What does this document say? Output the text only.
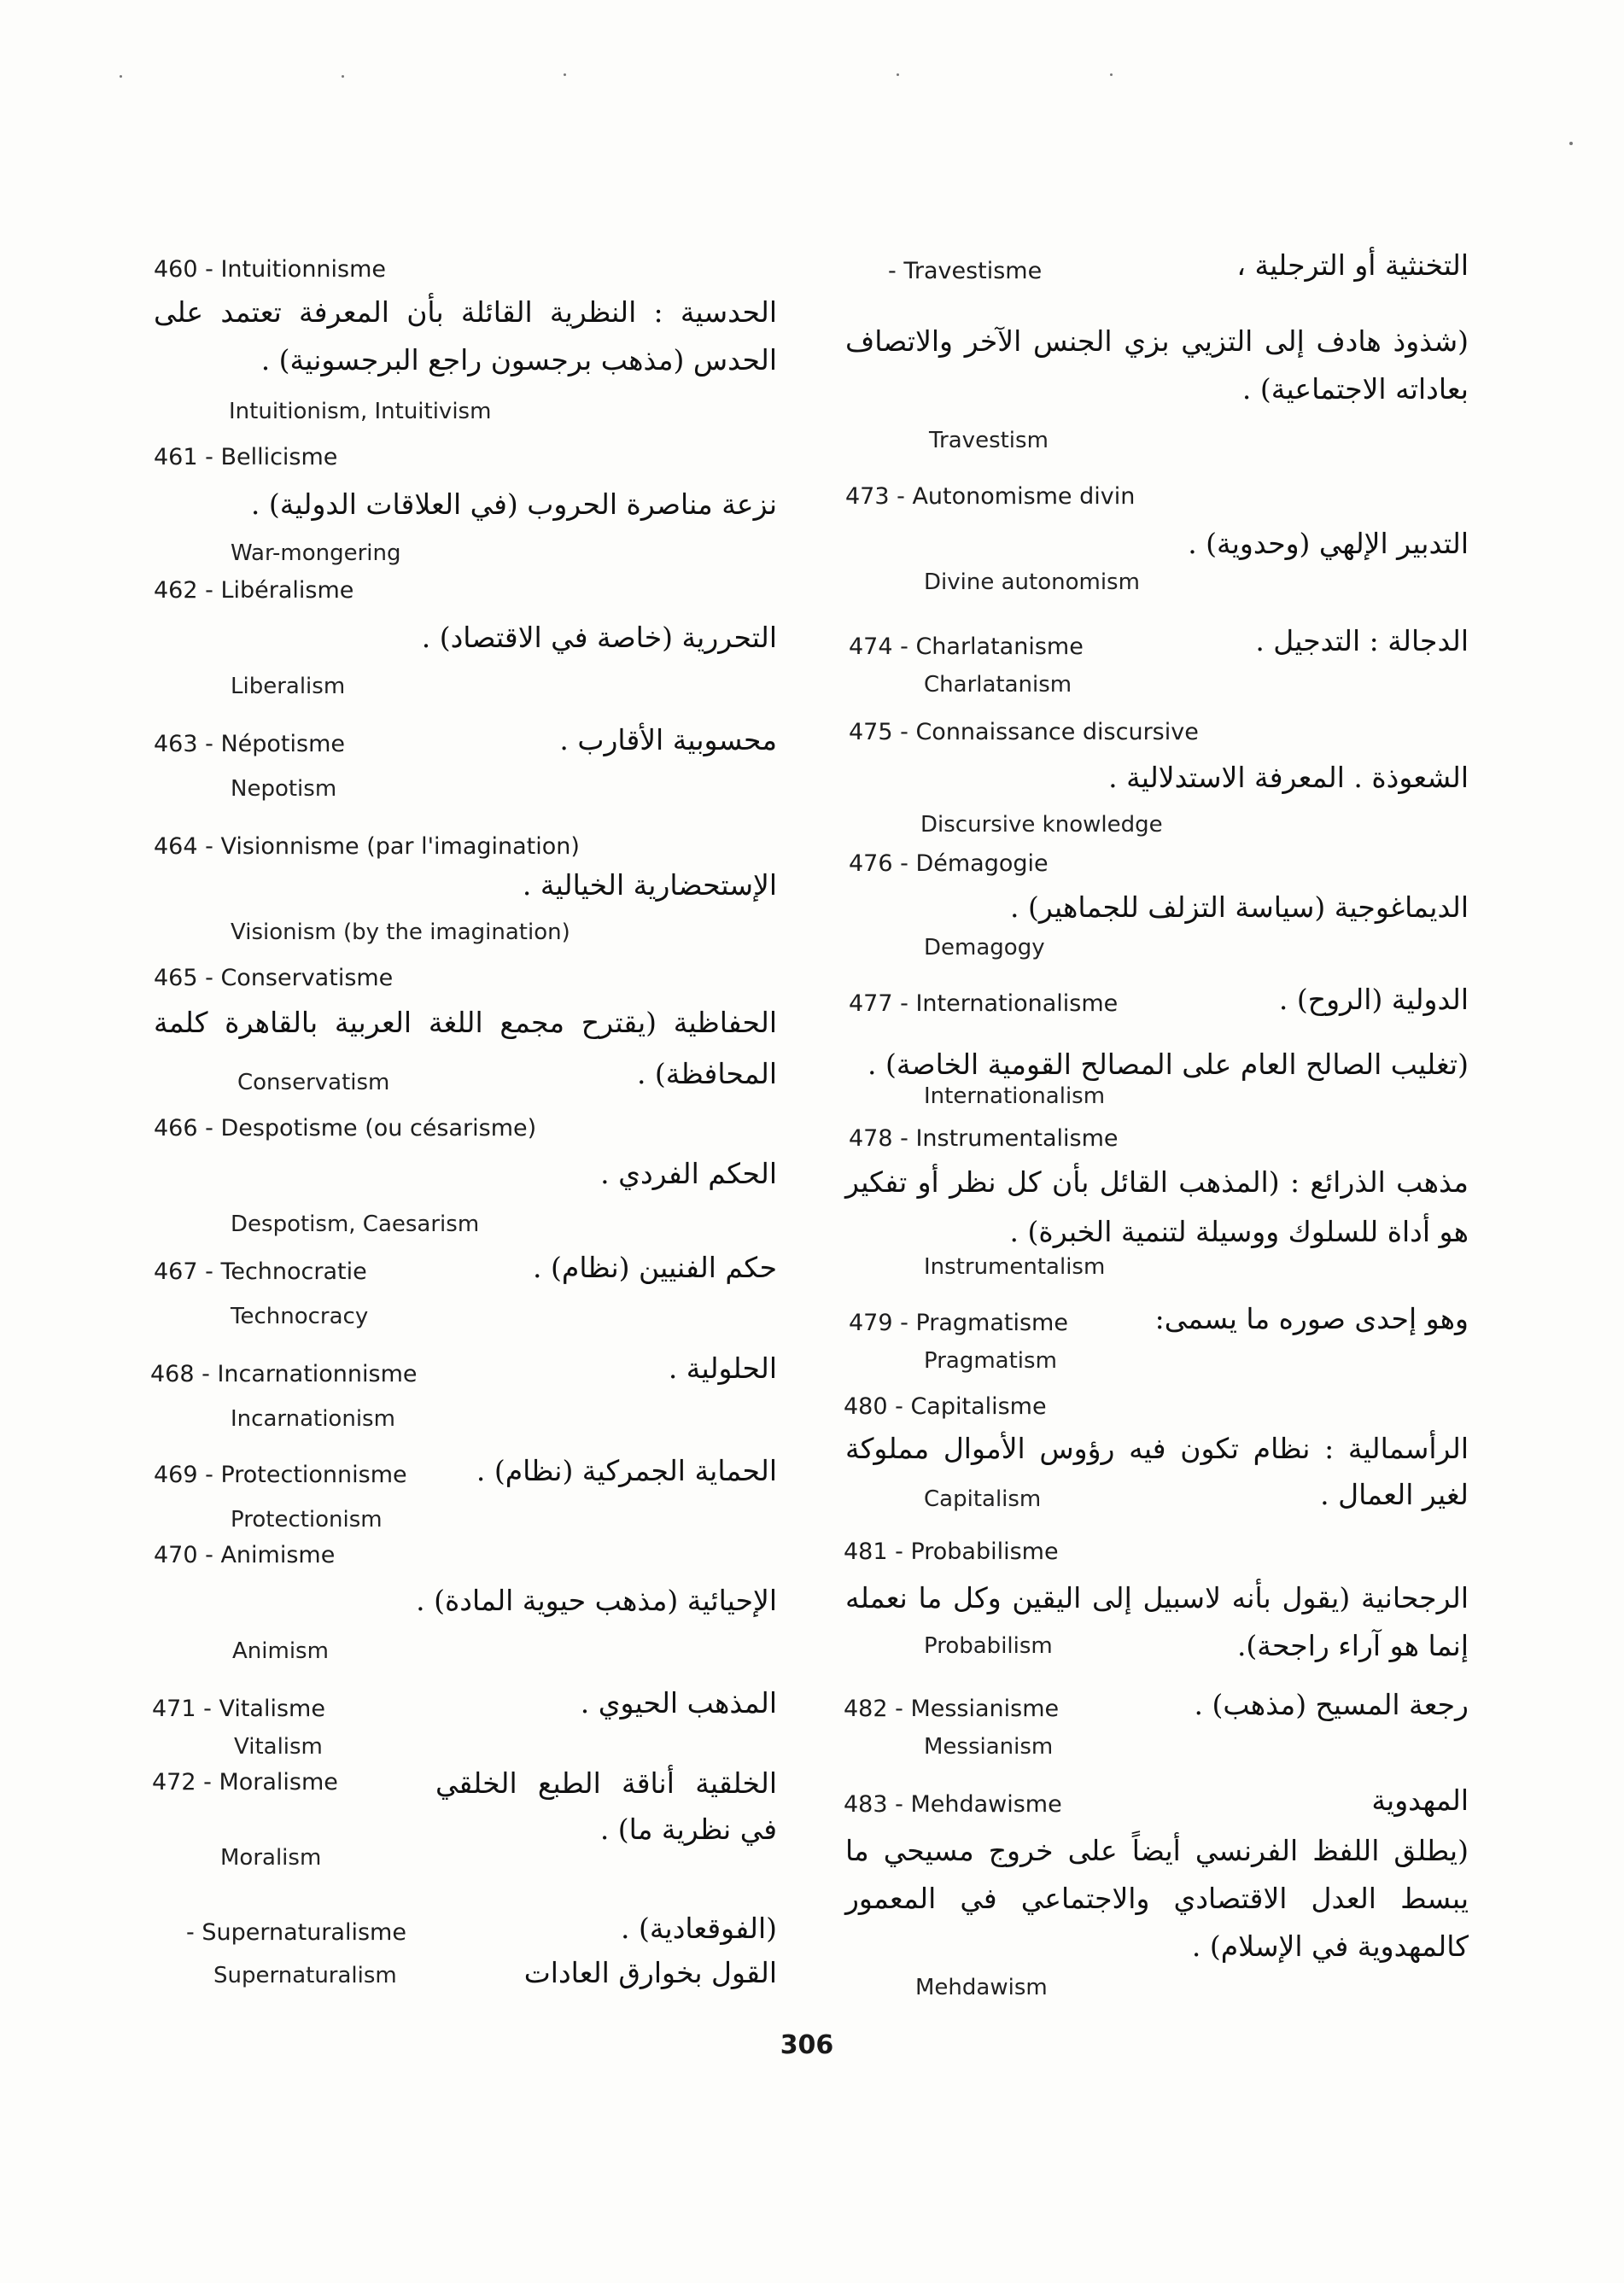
460 - Intuitionnisme
الحدسية : النظرية القائلة بأن المعرفة تعتمد على الحدس (مذهب برجسون راجع البرجسونية) .
Intuitionism, Intuitivism
461 - Bellicisme
نزعة مناصرة الحروب (في العلاقات الدولية) .
War-mongering
462 - Libéralisme
التحررية (خاصة في الاقتصاد) .
Liberalism
463 - Népotisme	محسوبية الأقارب .
Nepotism
464 - Visionnisme (par l'imagination)
الإستحضارية الخيالية .
Visionism (by the imagination)
465 - Conservatisme
الحفاظية (يقترح مجمع اللغة العربية بالقاهرة كلمة المحافظة) .
Conservatism
466 - Despotisme (ou césarisme)
الحكم الفردي .
Despotism, Caesarism
467 - Technocratie	حكم الفنيين (نظام) .
Technocracy
468 - Incarnationnisme	الحلولية .
Incarnationism
469 - Protectionnisme	الحماية الجمركية (نظام) .
Protectionism
470 - Animisme
الإحيائية (مذهب حيوية المادة) .
Animism
471 - Vitalisme	المذهب الحيوي .
Vitalism
472 - Moralisme	الخلقية أناقة الطبع الخلقي في نظرية ما) .
Moralism
- Supernaturalisme	(الفوقعادية) .
Supernaturalism	القول بخوارق العادات
- Travestisme	التخنثية أو الترجلية ،
(شذوذ هادف إلى التزيي بزي الجنس الآخر والاتصاف بعاداته الاجتماعية) .
Travestism
473 - Autonomisme divin
التدبير الإلهي (وحدوية) .
Divine autonomism
474 - Charlatanisme	الدجالة : التدجيل .
Charlatanism
475 - Connaissance discursive
الشعوذة . المعرفة الاستدلالية .
Discursive knowledge
476 - Démagogie
الديماغوجية (سياسة التزلف للجماهير) .
Demagogy
477 - Internationalisme	الدولية (الروح) .
(تغليب الصالح العام على المصالح القومية الخاصة) .
Internationalism
478 - Instrumentalisme
مذهب الذرائع : (المذهب القائل بأن كل نظر أو تفكير هو أداة للسلوك ووسيلة لتنمية الخبرة) .
Instrumentalism
479 - Pragmatisme	وهو إحدى صوره ما يسمى:
Pragmatism
480 - Capitalisme
الرأسمالية : نظام تكون فيه رؤوس الأموال مملوكة لغير العمال .
Capitalism
481 - Probabilisme
الرجحانية (يقول بأنه لاسبيل إلى اليقين وكل ما نعمله إنما هو آراء راجحة).
Probabilism
482 - Messianisme	رجعة المسيح (مذهب) .
Messianism
483 - Mehdawisme	المهدوية
(يطلق اللفظ الفرنسي أيضاً على خروج مسيحي ما يبسط العدل الاقتصادي والاجتماعي في المعمور كالمهدوية في الإسلام) .
Mehdawism
306
